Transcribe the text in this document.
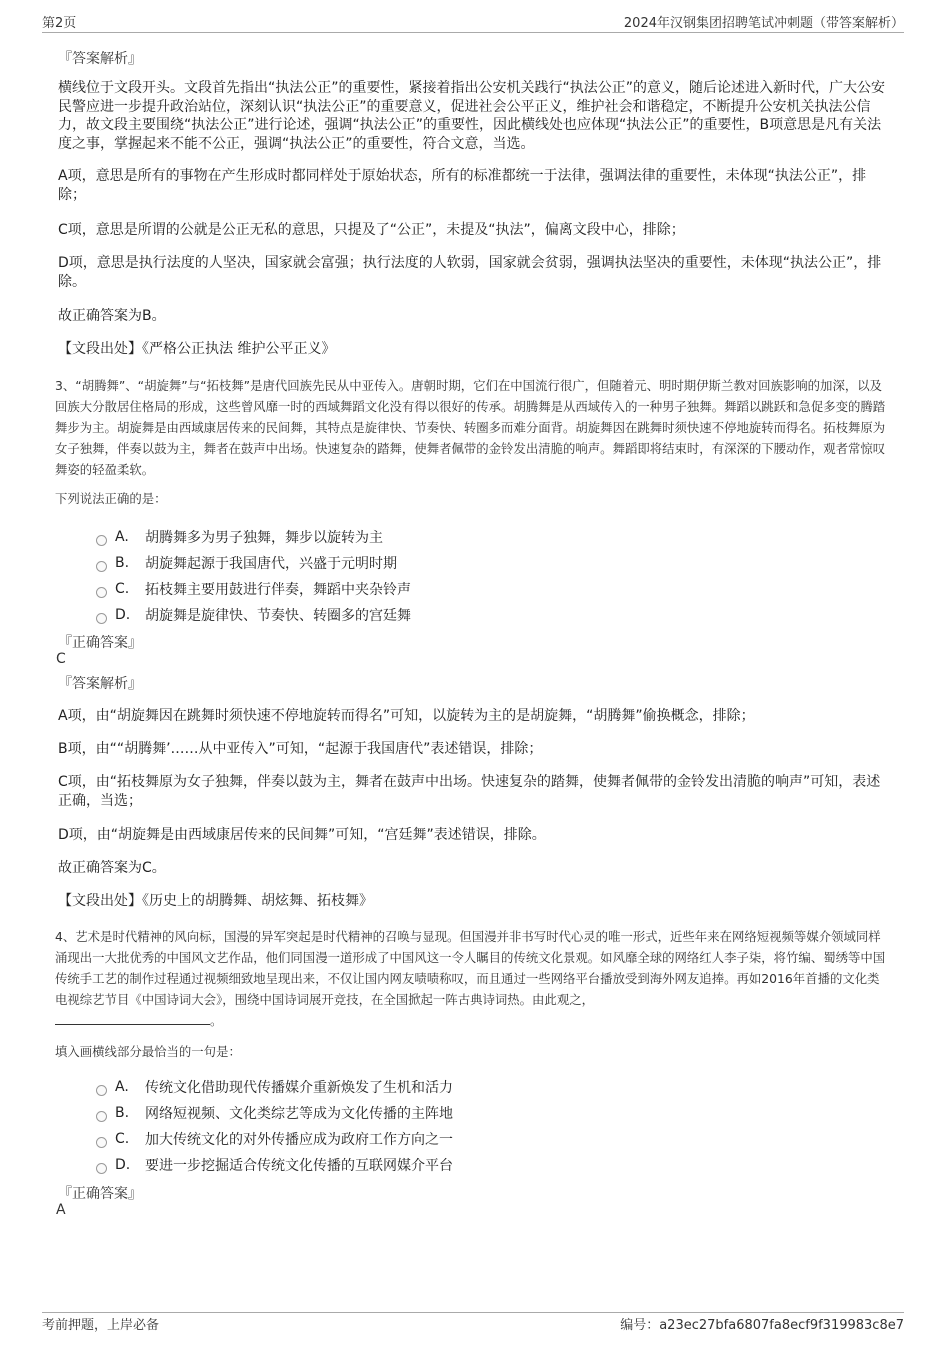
第2页	2024年汉钢集团招聘笔试冲刺题（带答案解析）
『答案解析』
横线位于文段开头。文段首先指出“执法公正”的重要性，紧接着指出公安机关践行“执法公正”的意义，随后论述进入新时代，广大公安民警应进一步提升政治站位，深刻认识“执法公正”的重要意义，促进社会公平正义，维护社会和谐稳定，不断提升公安机关执法公信力，故文段主要围绕“执法公正”进行论述，强调“执法公正”的重要性，因此横线处也应体现“执法公正”的重要性，B项意思是凡有关法度之事，掌握起来不能不公正，强调“执法公正”的重要性，符合文意，当选。
A项，意思是所有的事物在产生形成时都同样处于原始状态，所有的标准都统一于法律，强调法律的重要性，未体现“执法公正”，排除；
C项，意思是所谓的公就是公正无私的意思，只提及了“公正”，未提及“执法”，偏离文段中心，排除；
D项，意思是执行法度的人坚决，国家就会富强；执行法度的人软弱，国家就会贫弱，强调执法坚决的重要性，未体现“执法公正”，排除。
故正确答案为B。
【文段出处】《严格公正执法 维护公平正义》
3、“胡腾舞”、“胡旋舞”与“拓枝舞”是唐代回族先民从中亚传入。唐朝时期，它们在中国流行很广，但随着元、明时期伊斯兰教对回族影响的加深，以及回族大分散居住格局的形成，这些曾风靡一时的西域舞蹈文化没有得以很好的传承。胡腾舞是从西域传入的一种男子独舞。舞蹈以跳跃和急促多变的腾踏舞步为主。胡旋舞是由西域康居传来的民间舞，其特点是旋律快、节奏快、转圈多而难分面背。胡旋舞因在跳舞时须快速不停地旋转而得名。拓枝舞原为女子独舞，伴奏以鼓为主，舞者在鼓声中出场。快速复杂的踏舞，使舞者佩带的金铃发出清脆的响声。舞蹈即将结束时，有深深的下腰动作，观者常惊叹舞姿的轻盈柔软。
下列说法正确的是：
A.	胡腾舞多为男子独舞，舞步以旋转为主
B.	胡旋舞起源于我国唐代，兴盛于元明时期
C.	拓枝舞主要用鼓进行伴奏，舞蹈中夹杂铃声
D.	胡旋舞是旋律快、节奏快、转圈多的宫廷舞
『正确答案』
C
『答案解析』
A项，由“胡旋舞因在跳舞时须快速不停地旋转而得名”可知，以旋转为主的是胡旋舞，“胡腾舞”偷换概念，排除；
B项，由““胡腾舞’……从中亚传入”可知，“起源于我国唐代”表述错误，排除；
C项，由“拓枝舞原为女子独舞，伴奏以鼓为主，舞者在鼓声中出场。快速复杂的踏舞，使舞者佩带的金铃发出清脆的响声”可知，表述正确，当选；
D项，由“胡旋舞是由西域康居传来的民间舞”可知，“宫廷舞”表述错误，排除。
故正确答案为C。
【文段出处】《历史上的胡腾舞、胡炫舞、拓枝舞》
4、艺术是时代精神的风向标，国漫的异军突起是时代精神的召唤与显现。但国漫并非书写时代心灵的唯一形式，近些年来在网络短视频等媒介领域同样涌现出一大批优秀的中国风文艺作品，他们同国漫一道形成了中国风这一令人瞩目的传统文化景观。如风靡全球的网络红人李子柒，将竹编、蜀绣等中国传统手工艺的制作过程通过视频细致地呈现出来，不仅让国内网友啧啧称叹，而且通过一些网络平台播放受到海外网友追捧。再如2016年首播的文化类电视综艺节目《中国诗词大会》，围绕中国诗词展开竞技，在全国掀起一阵古典诗词热。由此观之，
。
填入画横线部分最恰当的一句是：
A.	传统文化借助现代传播媒介重新焕发了生机和活力
B.	网络短视频、文化类综艺等成为文化传播的主阵地
C.	加大传统文化的对外传播应成为政府工作方向之一
D.	要进一步挖掘适合传统文化传播的互联网媒介平台
『正确答案』
A
考前押题，上岸必备	编号：a23ec27bfa6807fa8ecf9f319983c8e7
